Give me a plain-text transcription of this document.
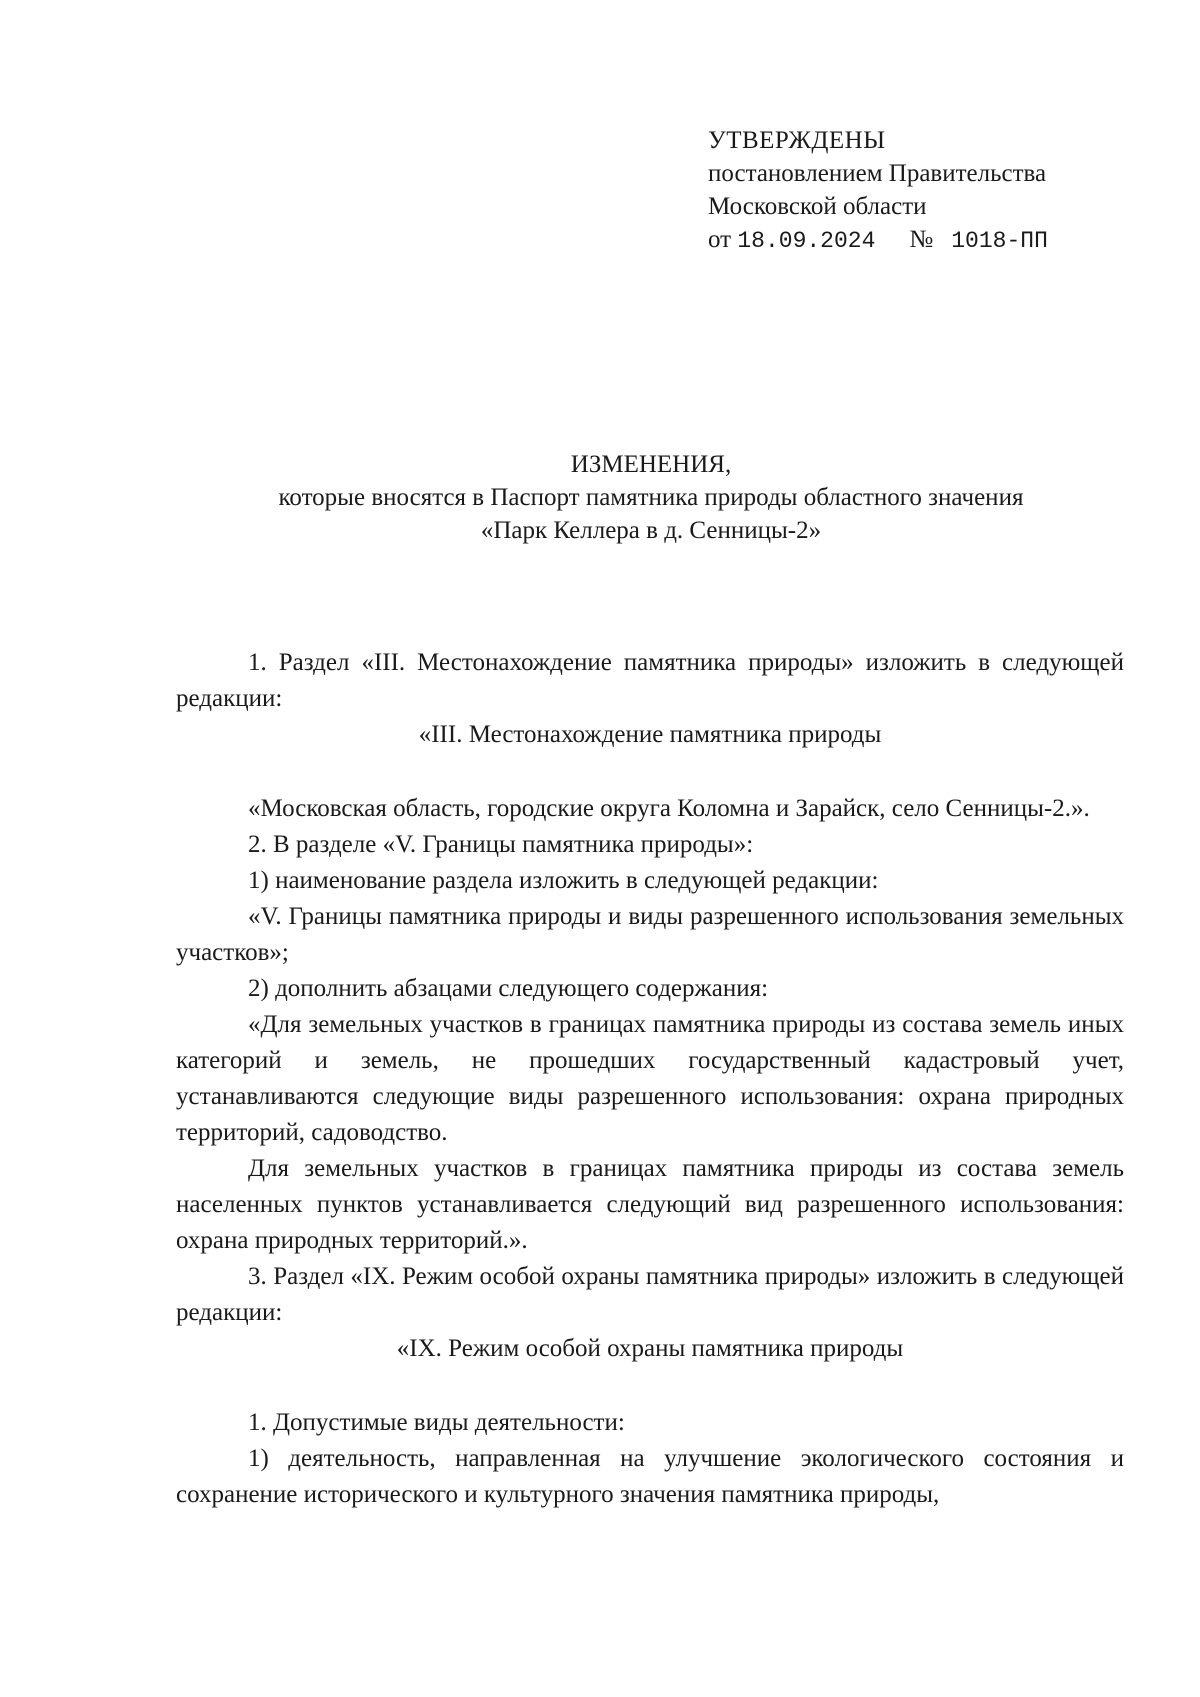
УТВЕРЖДЕНЫ
постановлением Правительства
Московской области
от 18.09.2024 № 1018-ПП
ИЗМЕНЕНИЯ,
которые вносятся в Паспорт памятника природы областного значения
«Парк Келлера в д. Сенницы-2»

1. Раздел «III. Местонахождение памятника природы» изложить в следующей редакции:

«III. Местонахождение памятника природы

«Московская область, городские округа Коломна и Зарайск, село Сенницы-2.».

2. В разделе «V. Границы памятника природы»:

1) наименование раздела изложить в следующей редакции:

«V. Границы памятника природы и виды разрешенного использования земельных участков»;

2) дополнить абзацами следующего содержания:

«Для земельных участков в границах памятника природы из состава земель иных категорий и земель, не прошедших государственный кадастровый учет, устанавливаются следующие виды разрешенного использования: охрана природных территорий, садоводство.

Для земельных участков в границах памятника природы из состава земель населенных пунктов устанавливается следующий вид разрешенного использования: охрана природных территорий.».

3. Раздел «IX. Режим особой охраны памятника природы» изложить в следующей редакции:

«IX. Режим особой охраны памятника природы

1. Допустимые виды деятельности:

1) деятельность, направленная на улучшение экологического состояния и сохранение исторического и культурного значения памятника природы,
